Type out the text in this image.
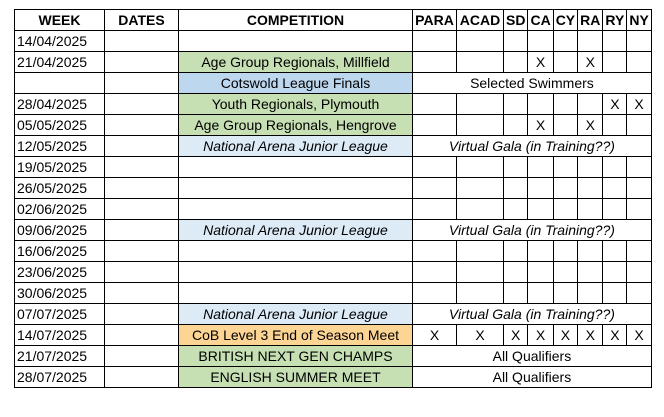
WEEK	DATES	COMPETITION	PARA	ACAD	SD	CA	CY	RA	RY	NY
14/04/2025										
21/04/2025		Age Group Regionals, Millfield				X		X		
		Cotswold League Finals	Selected Swimmers							
28/04/2025		Youth Regionals, Plymouth							X	X
05/05/2025		Age Group Regionals, Hengrove				X		X		
12/05/2025		National Arena Junior League	Virtual Gala (in Training??)							
19/05/2025										
26/05/2025										
02/06/2025										
09/06/2025		National Arena Junior League	Virtual Gala (in Training??)							
16/06/2025										
23/06/2025										
30/06/2025										
07/07/2025		National Arena Junior League	Virtual Gala (in Training??)							
14/07/2025		CoB Level 3 End of Season Meet	X	X	X	X	X	X	X	X
21/07/2025		BRITISH NEXT GEN CHAMPS	All Qualifiers							
28/07/2025		ENGLISH SUMMER MEET	All Qualifiers							
